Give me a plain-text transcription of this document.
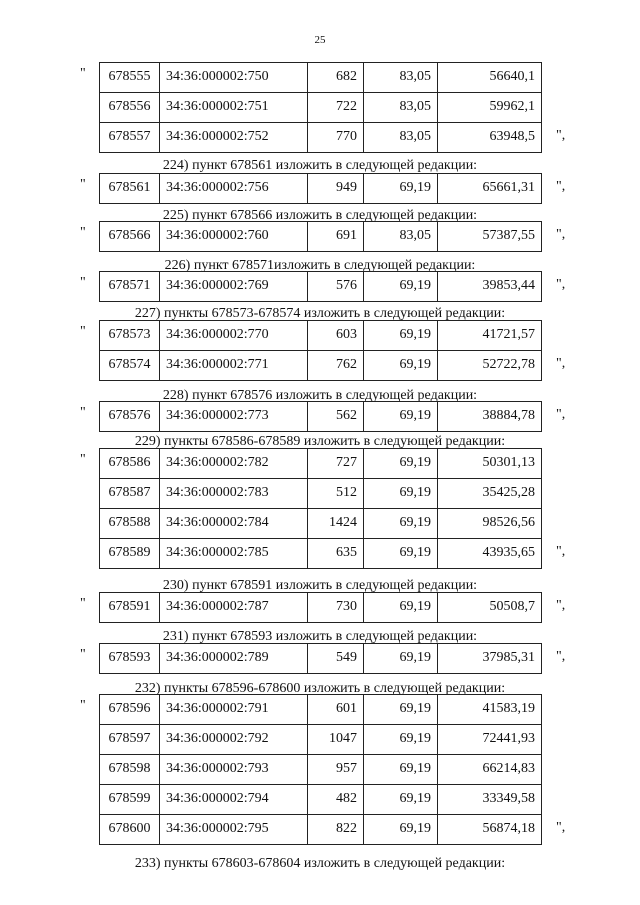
25
678555	34:36:000002:750	682	83,05	56640,1
678556	34:36:000002:751	722	83,05	59962,1
678557	34:36:000002:752	770	83,05	63948,5
"
",
224) пункт 678561 изложить в следующей редакции:
678561	34:36:000002:756	949	69,19	65661,31
"	",
225) пункт 678566 изложить в следующей редакции:
678566	34:36:000002:760	691	83,05	57387,55
"	",
226) пункт 678571изложить в следующей редакции:
678571	34:36:000002:769	576	69,19	39853,44
"	",
227) пункты 678573-678574 изложить в следующей редакции:
678573	34:36:000002:770	603	69,19	41721,57
678574	34:36:000002:771	762	69,19	52722,78
"
",
228) пункт 678576 изложить в следующей редакции:
678576	34:36:000002:773	562	69,19	38884,78
"	",
229) пункты 678586-678589 изложить в следующей редакции:
678586	34:36:000002:782	727	69,19	50301,13
678587	34:36:000002:783	512	69,19	35425,28
678588	34:36:000002:784	1424	69,19	98526,56
678589	34:36:000002:785	635	69,19	43935,65
"
",
230) пункт 678591 изложить в следующей редакции:
678591	34:36:000002:787	730	69,19	50508,7
"	",
231) пункт 678593 изложить в следующей редакции:
678593	34:36:000002:789	549	69,19	37985,31
"	",
232) пункты 678596-678600 изложить в следующей редакции:
678596	34:36:000002:791	601	69,19	41583,19
678597	34:36:000002:792	1047	69,19	72441,93
678598	34:36:000002:793	957	69,19	66214,83
678599	34:36:000002:794	482	69,19	33349,58
678600	34:36:000002:795	822	69,19	56874,18
"
",
233) пункты 678603-678604 изложить в следующей редакции:
